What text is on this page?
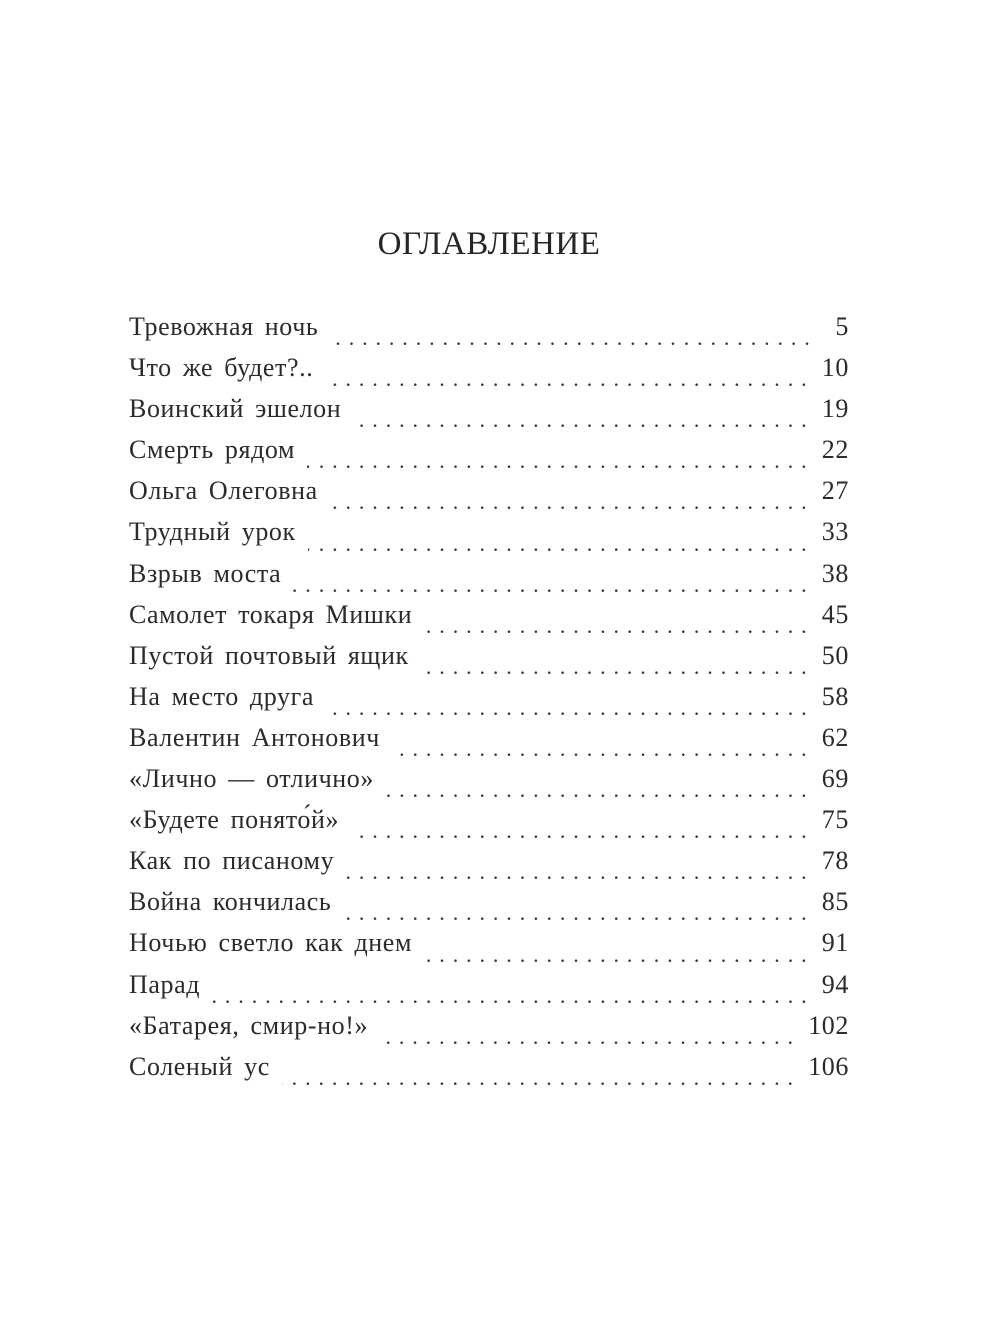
ОГЛАВЛЕНИЕ
Тревожная ночь . . .	5
Что же будет?.. . . .	10
Воинский эшелон . . .	19
Смерть рядом . . .	22
Ольга Олеговна . . .	27
Трудный урок . . .	33
Взрыв моста . . .	38
Самолет токаря Мишки . . .	45
Пустой почтовый ящик . . .	50
На место друга . . .	58
Валентин Антонович . . .	62
«Лично — отлично» . . .	69
«Будете понято́й» . . .	75
Как по писаному . . .	78
Война кончилась . . .	85
Ночью светло как днем . . .	91
Парад . . .	94
«Батарея, смир-но!» . . .	102
Соленый ус . . .	106
